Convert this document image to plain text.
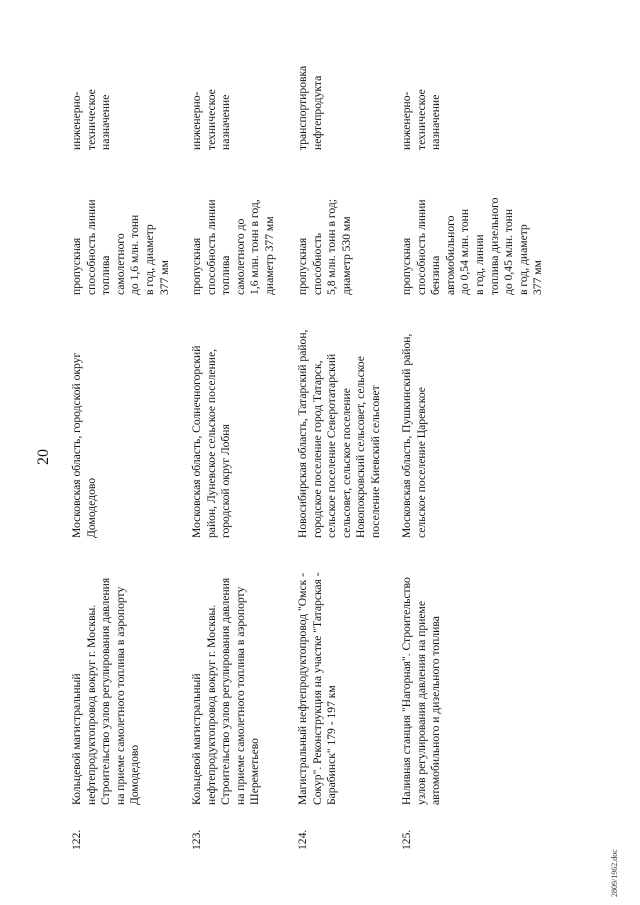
20
122.
Кольцевой магистральный
нефтепродуктопровод вокруг г. Москвы.
Строительство узлов регулирования давления
на приеме самолетного топлива в аэропорту
Домодедово
Московская область, городской округ
Домодедово
пропускная
способность линии
топлива
самолетного
до 1,6 млн. тонн
в год, диаметр
377 мм
инженерно-
техническое
назначение
123.
Кольцевой магистральный
нефтепродуктопровод вокруг г. Москвы.
Строительство узлов регулирования давления
на приеме самолетного топлива в аэропорту
Шереметьево
Московская область, Солнечногорский
район, Луневское сельское поселение,
городской округ Лобня
пропускная
способность линии
топлива
самолетного до
1,6 млн. тонн в год,
диаметр 377 мм
инженерно-
техническое
назначение
124.
Магистральный нефтепродуктопровод "Омск -
Сокур". Реконструкция на участке "Татарская -
Барабинск" 179 - 197 км
Новосибирская область, Татарский район,
городское поселение город Татарск,
сельское поселение Северотатарский
сельсовет, сельское поселение
Новопокровский сельсовет, сельское
поселение Киевский сельсовет
пропускная
способность
5,8 млн. тонн в год;
диаметр 530 мм
транспортировка
нефтепродукта
125.
Наливная станция "Нагорная". Строительство
узлов регулирования давления на приеме
автомобильного и дизельного топлива
Московская область, Пушкинский район,
сельское поселение Царевское
пропускная
способность линии
бензина
автомобильного
до 0,54 млн. тонн
в год, линии
топлива дизельного
до 0,45 млн. тонн
в год, диаметр
377 мм
инженерно-
техническое
назначение
2809/1962.doc
